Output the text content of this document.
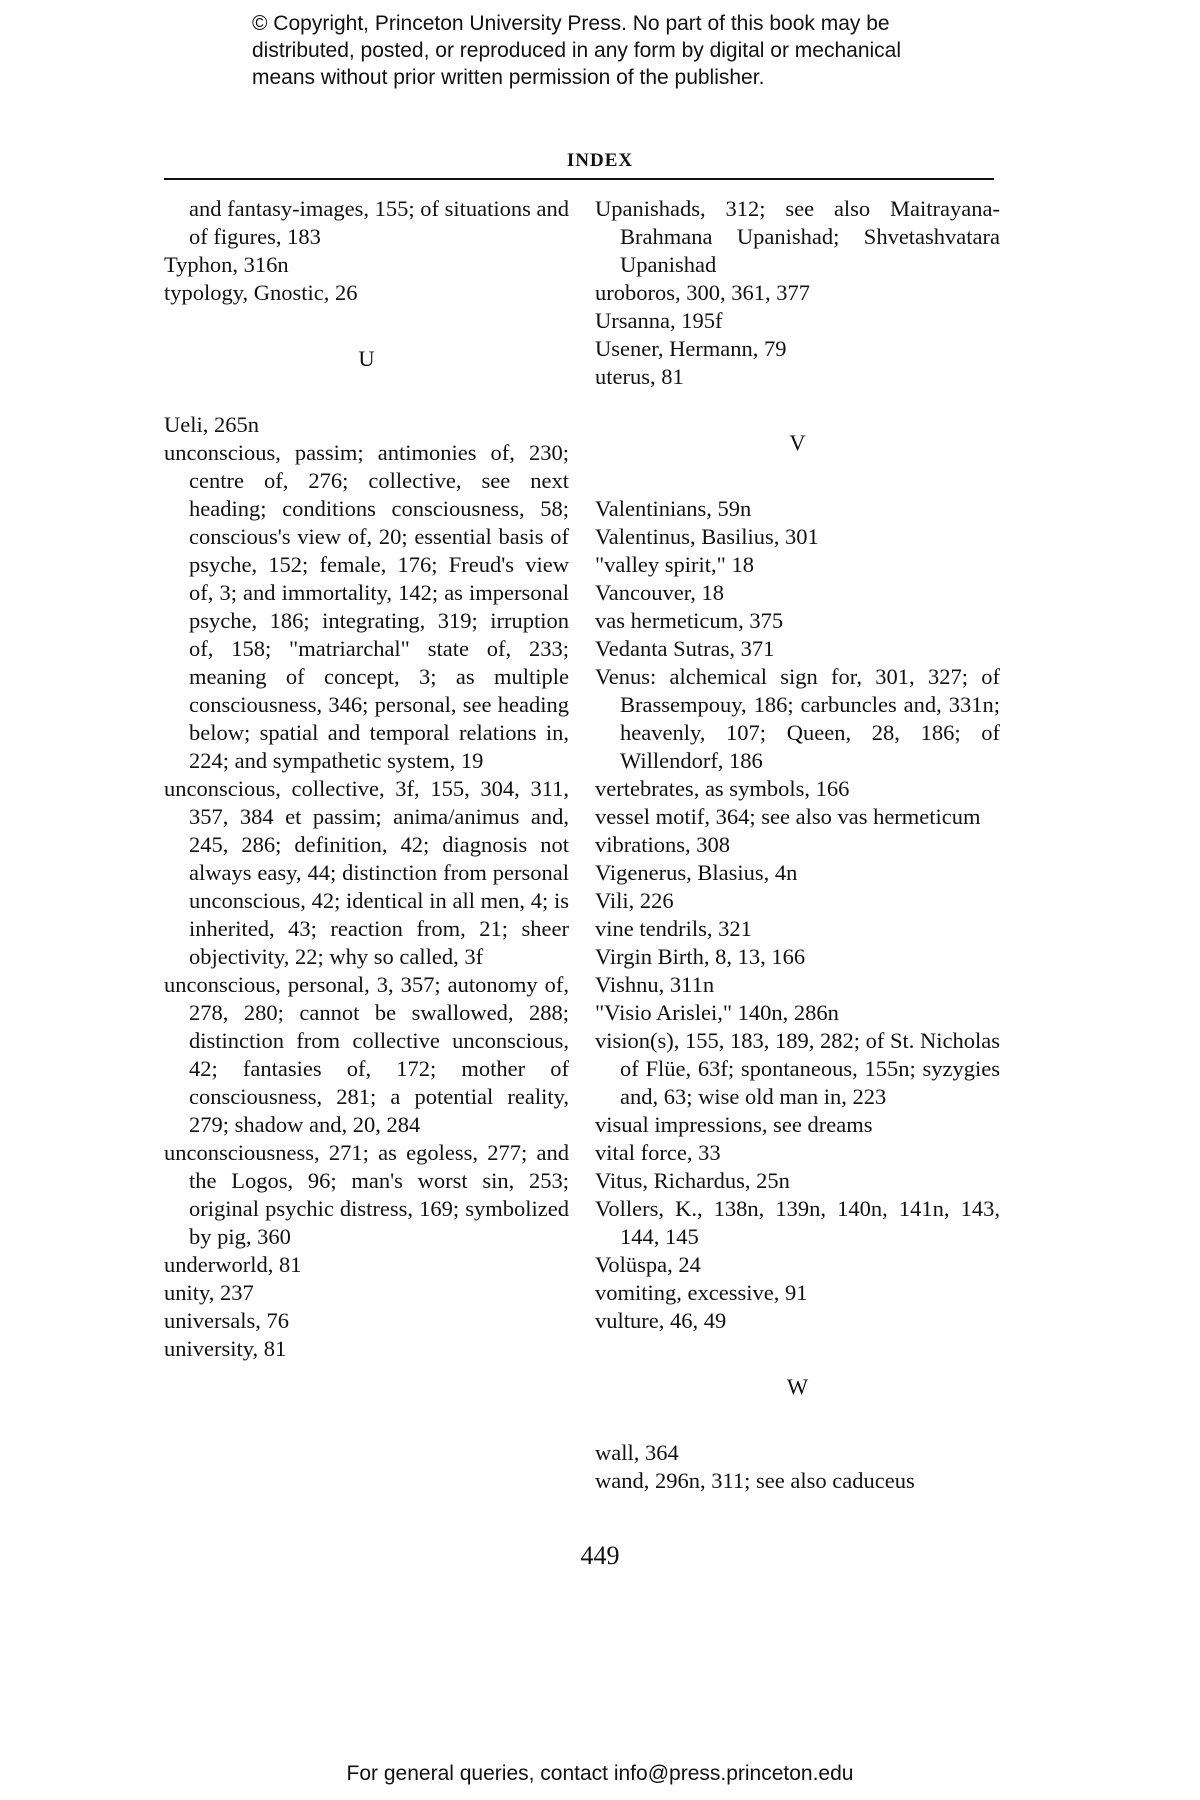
© Copyright, Princeton University Press. No part of this book may be
distributed, posted, or reproduced in any form by digital or mechanical
means without prior written permission of the publisher.
INDEX
and fantasy-images, 155; of situations and of figures, 183
Typhon, 316n
typology, Gnostic, 26
U
Ueli, 265n
unconscious, passim; antimonies of, 230; centre of, 276; collective, see next heading; conditions consciousness, 58; conscious's view of, 20; essential basis of psyche, 152; female, 176; Freud's view of, 3; and immortality, 142; as impersonal psyche, 186; integrating, 319; irruption of, 158; "matriarchal" state of, 233; meaning of concept, 3; as multiple consciousness, 346; personal, see heading below; spatial and temporal relations in, 224; and sympathetic system, 19
unconscious, collective, 3f, 155, 304, 311, 357, 384 et passim; anima/animus and, 245, 286; definition, 42; diagnosis not always easy, 44; distinction from personal unconscious, 42; identical in all men, 4; is inherited, 43; reaction from, 21; sheer objectivity, 22; why so called, 3f
unconscious, personal, 3, 357; autonomy of, 278, 280; cannot be swallowed, 288; distinction from collective unconscious, 42; fantasies of, 172; mother of consciousness, 281; a potential reality, 279; shadow and, 20, 284
unconsciousness, 271; as egoless, 277; and the Logos, 96; man's worst sin, 253; original psychic distress, 169; symbolized by pig, 360
underworld, 81
unity, 237
universals, 76
university, 81
Upanishads, 312; see also Maitrayana-Brahmana Upanishad; Shvetashvatara Upanishad
uroboros, 300, 361, 377
Ursanna, 195f
Usener, Hermann, 79
uterus, 81
V
Valentinians, 59n
Valentinus, Basilius, 301
"valley spirit," 18
Vancouver, 18
vas hermeticum, 375
Vedanta Sutras, 371
Venus: alchemical sign for, 301, 327; of Brassempouy, 186; carbuncles and, 331n; heavenly, 107; Queen, 28, 186; of Willendorf, 186
vertebrates, as symbols, 166
vessel motif, 364; see also vas hermeticum
vibrations, 308
Vigenerus, Blasius, 4n
Vili, 226
vine tendrils, 321
Virgin Birth, 8, 13, 166
Vishnu, 311n
"Visio Arislei," 140n, 286n
vision(s), 155, 183, 189, 282; of St. Nicholas of Flüe, 63f; spontaneous, 155n; syzygies and, 63; wise old man in, 223
visual impressions, see dreams
vital force, 33
Vitus, Richardus, 25n
Vollers, K., 138n, 139n, 140n, 141n, 143, 144, 145
Volüspa, 24
vomiting, excessive, 91
vulture, 46, 49
W
wall, 364
wand, 296n, 311; see also caduceus
449
For general queries, contact info@press.princeton.edu
